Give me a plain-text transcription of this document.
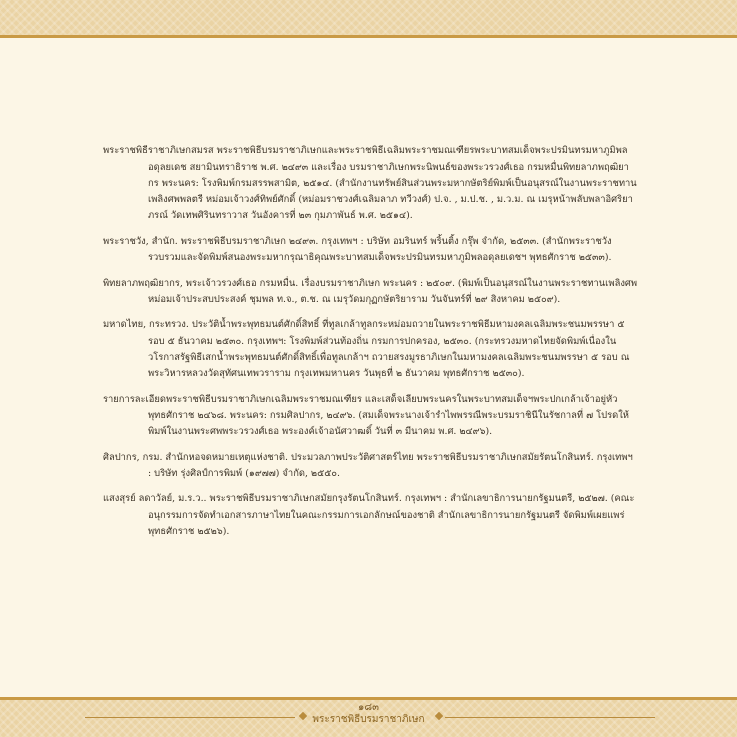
พระราชพิธีราชาภิเษกสมรส พระราชพิธีบรมราชาภิเษกและพระราชพิธีเฉลิมพระราชมณเฑียรพระบาทสมเด็จพระปรมินทรมหาภูมิพลอดุลยเดช สยามินทราธิราช พ.ศ. ๒๔๙๓ และเรื่อง บรมราชาภิเษกพระนิพนธ์ของพระวรวงศ์เธอ กรมหมื่นพิทยลาภพฤฒิยากร พระนคร: โรงพิมพ์กรมสรรพสามิต, ๒๕๑๔. (สำนักงานทรัพย์สินส่วนพระมหากษัตริย์พิมพ์เป็นอนุสรณ์ในงานพระราชทานเพลิงศพพลตรี หม่อมเจ้าวงศ์ทิพย์ศักดิ์ (หม่อมราชวงศ์เฉลิมลาภ ทวีวงศ์) ป.จ. , ม.ป.ช. , ม.ว.ม. ณ เมรุหน้าพลับพลาอิศริยาภรณ์ วัดเทพศิรินทราวาส วันอังคารที่ ๒๓ กุมภาพันธ์ พ.ศ. ๒๕๑๔).

พระราชวัง, สำนัก. พระราชพิธีบรมราชาภิเษก ๒๔๙๓. กรุงเทพฯ : บริษัท อมรินทร์ พริ้นติ้ง กรุ๊พ จำกัด, ๒๕๓๓. (สำนักพระราชวังรวบรวมและจัดพิมพ์สนองพระมหากรุณาธิคุณพระบาทสมเด็จพระปรมินทรมหาภูมิพลอดุลยเดชฯ พุทธศักราช ๒๕๓๓).

พิทยลาภพฤฒิยากร, พระเจ้าวรวงศ์เธอ กรมหมื่น. เรื่องบรมราชาภิเษก พระนคร : ๒๕๐๙. (พิมพ์เป็นอนุสรณ์ในงานพระราชทานเพลิงศพหม่อมเจ้าประสบประสงค์ ชุมพล ท.จ., ต.ช. ณ เมรุวัดมกุฏกษัตริยาราม วันจันทร์ที่ ๒๙ สิงหาคม ๒๕๐๙).

มหาดไทย, กระทรวง. ประวัติน้ำพระพุทธมนต์ศักดิ์สิทธิ์ ที่ทูลเกล้าทูลกระหม่อมถวายในพระราชพิธีมหามงคลเฉลิมพระชนมพรรษา ๕ รอบ ๕ ธันวาคม ๒๕๓๐. กรุงเทพฯ: โรงพิมพ์ส่วนท้องถิ่น กรมการปกครอง, ๒๕๓๐. (กระทรวงมหาดไทยจัดพิมพ์เนื่องในวโรกาสรัฐพิธีเสกน้ำพระพุทธมนต์ศักดิ์สิทธิ์เพื่อทูลเกล้าฯ ถวายสรงมูรธาภิเษกในมหามงคลเฉลิมพระชนมพรรษา ๕ รอบ ณ พระวิหารหลวงวัดสุทัศนเทพวราราม กรุงเทพมหานคร วันพุธที่ ๒ ธันวาคม พุทธศักราช ๒๕๓๐).

รายการละเอียดพระราชพิธีบรมราชาภิเษกเฉลิมพระราชมณเฑียร และเสด็จเลียบพระนครในพระบาทสมเด็จฯพระปกเกล้าเจ้าอยู่หัว พุทธศักราช ๒๔๖๘. พระนคร: กรมศิลปากร, ๒๔๙๖. (สมเด็จพระนางเจ้ารำไพพรรณีพระบรมราชินีในรัชกาลที่ ๗ โปรดให้พิมพ์ในงานพระศพพระวรวงศ์เธอ พระองค์เจ้าอนัศวาฒดิ์ วันที่ ๓ มีนาคม พ.ศ. ๒๔๙๖).

ศิลปากร, กรม. สำนักหอจดหมายเหตุแห่งชาติ. ประมวลภาพประวัติศาสตร์ไทย พระราชพิธีบรมราชาภิเษกสมัยรัตนโกสินทร์. กรุงเทพฯ : บริษัท รุ่งศิลป์การพิมพ์ (๑๙๗๗) จำกัด, ๒๕๕๐.

แสงสุรย์ ลดาวัลย์, ม.ร.ว.. พระราชพิธีบรมราชาภิเษกสมัยกรุงรัตนโกสินทร์. กรุงเทพฯ : สำนักเลขาธิการนายกรัฐมนตรี, ๒๕๒๗. (คณะอนุกรรมการจัดทำเอกสารภาษาไทยในคณะกรรมการเอกลักษณ์ของชาติ สำนักเลขาธิการนายกรัฐมนตรี จัดพิมพ์เผยแพร่พุทธศักราช ๒๕๒๖).

๑๘๓
พระราชพิธีบรมราชาภิเษก
